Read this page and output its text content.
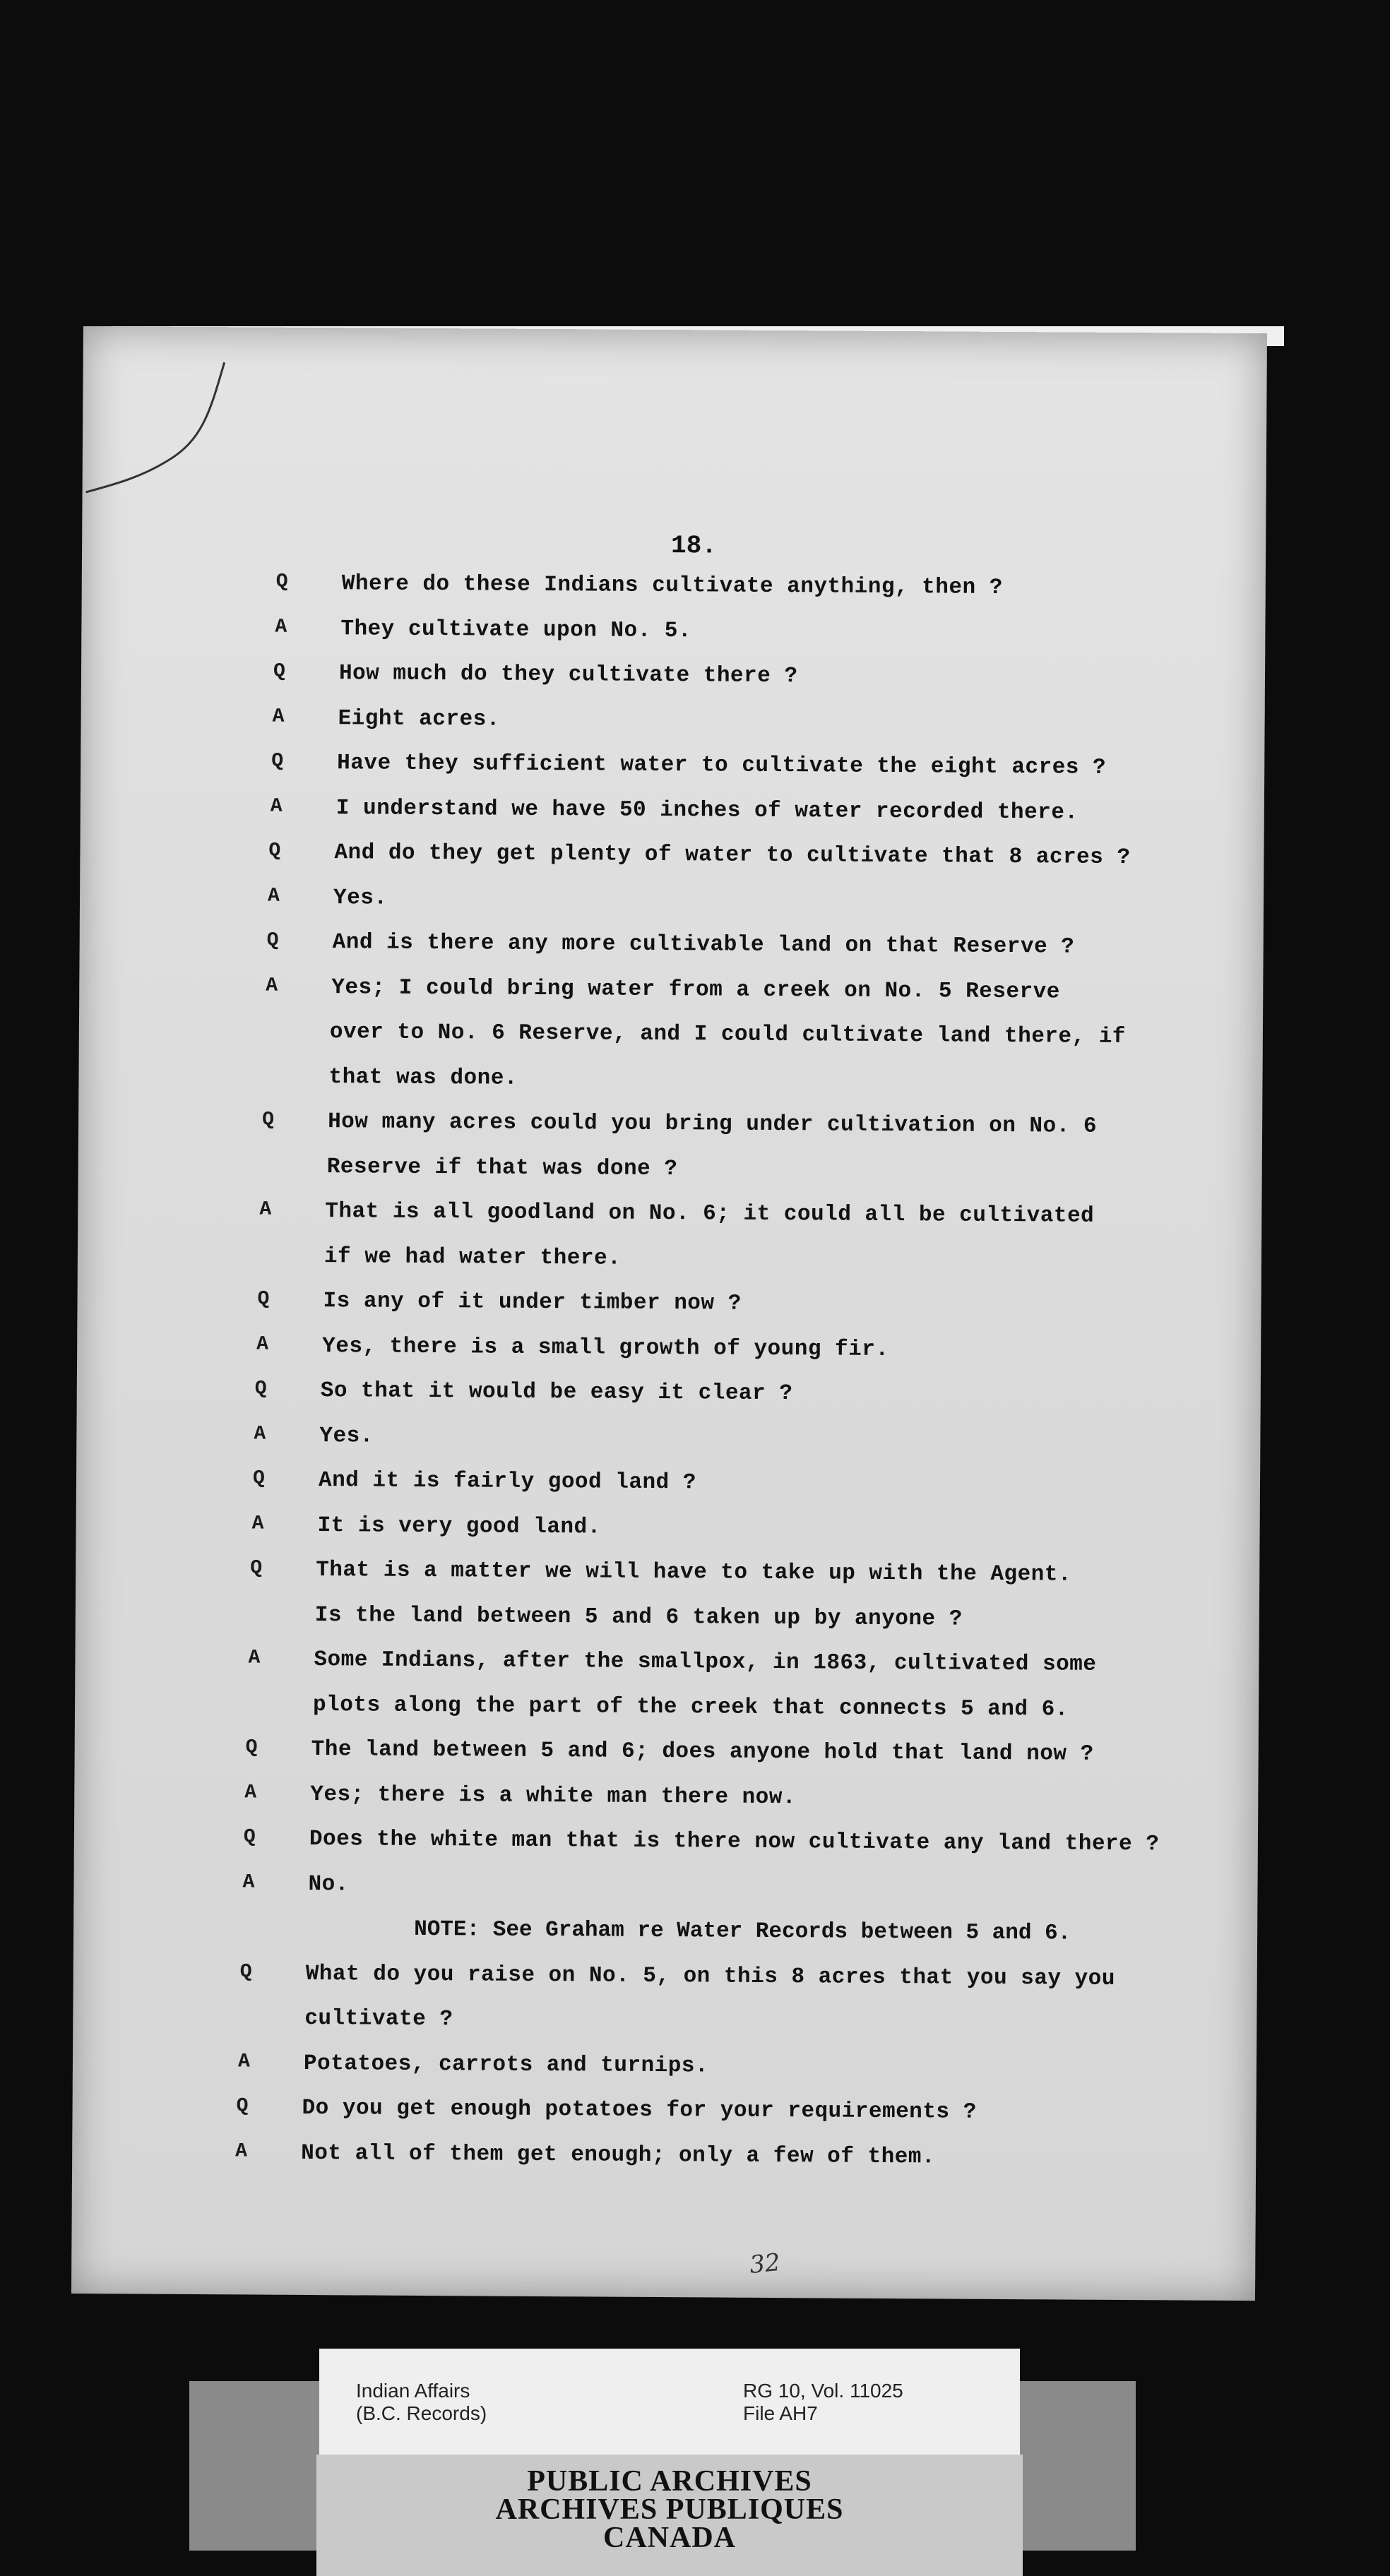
18.
Q Where do these Indians cultivate anything, then ?
A They cultivate upon No. 5.
Q How much do they cultivate there ?
A Eight acres.
Q Have they sufficient water to cultivate the eight acres ?
A I understand we have 50 inches of water recorded there.
Q And do they get plenty of water to cultivate that 8 acres ?
A Yes.
Q And is there any more cultivable land on that Reserve ?
A Yes; I could bring water from a creek on No. 5 Reserve
over to No. 6 Reserve, and I could cultivate land there, if
that was done.
Q How many acres could you bring under cultivation on No. 6
Reserve if that was done ?
A That is all goodland on No. 6; it could all be cultivated
if we had water there.
Q Is any of it under timber now ?
A Yes, there is a small growth of young fir.
Q So that it would be easy it clear ?
A Yes.
Q And it is fairly good land ?
A It is very good land.
Q That is a matter we will have to take up with the Agent.
Is the land between 5 and 6 taken up by anyone ?
A Some Indians, after the smallpox, in 1863, cultivated some
plots along the part of the creek that connects 5 and 6.
Q The land between 5 and 6; does anyone hold that land now ?
A Yes; there is a white man there now.
Q Does the white man that is there now cultivate any land there ?
A No.
NOTE: See Graham re Water Records between 5 and 6.
Q What do you raise on No. 5, on this 8 acres that you say you
cultivate ?
A Potatoes, carrots and turnips.
Q Do you get enough potatoes for your requirements ?
A Not all of them get enough; only a few of them.
32
Indian Affairs
(B.C. Records)
RG 10, Vol. 11025
File AH7
PUBLIC ARCHIVES
ARCHIVES PUBLIQUES
CANADA
